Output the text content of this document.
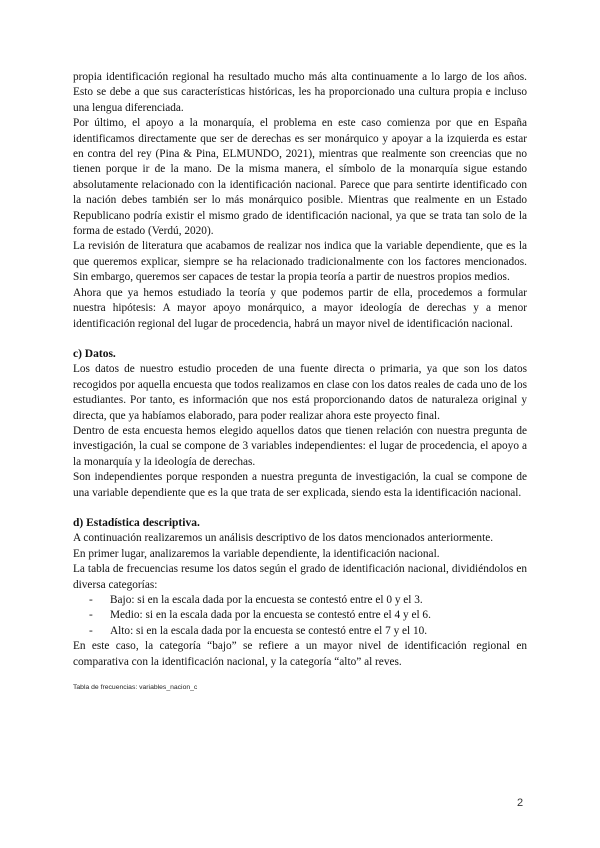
propia identificación regional ha resultado mucho más alta continuamente a lo largo de los años. Esto se debe a que sus características históricas, les ha proporcionado una cultura propia e incluso una lengua diferenciada.

Por último, el apoyo a la monarquía, el problema en este caso comienza por que en España identificamos directamente que ser de derechas es ser monárquico y apoyar a la izquierda es estar en contra del rey (Pina & Pina, ELMUNDO, 2021), mientras que realmente son creencias que no tienen porque ir de la mano. De la misma manera, el símbolo de la monarquía sigue estando absolutamente relacionado con la identificación nacional. Parece que para sentirte identificado con la nación debes también ser lo más monárquico posible. Mientras que realmente en un Estado Republicano podría existir el mismo grado de identificación nacional, ya que se trata tan solo de la forma de estado (Verdú, 2020).

La revisión de literatura que acabamos de realizar nos indica que la variable dependiente, que es la que queremos explicar, siempre se ha relacionado tradicionalmente con los factores mencionados. Sin embargo, queremos ser capaces de testar la propia teoría a partir de nuestros propios medios.

Ahora que ya hemos estudiado la teoría y que podemos partir de ella, procedemos a formular nuestra hipótesis: A mayor apoyo monárquico, a mayor ideología de derechas y a menor identificación regional del lugar de procedencia, habrá un mayor nivel de identificación nacional.

c) Datos.

Los datos de nuestro estudio proceden de una fuente directa o primaria, ya que son los datos recogidos por aquella encuesta que todos realizamos en clase con los datos reales de cada uno de los estudiantes. Por tanto, es información que nos está proporcionando datos de naturaleza original y directa, que ya habíamos elaborado, para poder realizar ahora este proyecto final.

Dentro de esta encuesta hemos elegido aquellos datos que tienen relación con nuestra pregunta de investigación, la cual se compone de 3 variables independientes: el lugar de procedencia, el apoyo a la monarquía y la ideología de derechas.

Son independientes porque responden a nuestra pregunta de investigación, la cual se compone de una variable dependiente que es la que trata de ser explicada, siendo esta la identificación nacional.

d) Estadística descriptiva.

A continuación realizaremos un análisis descriptivo de los datos mencionados anteriormente.

En primer lugar, analizaremos la variable dependiente, la identificación nacional.

La tabla de frecuencias resume los datos según el grado de identificación nacional, dividiéndolos en diversa categorías:

- Bajo: si en la escala dada por la encuesta se contestó entre el 0 y el 3.
- Medio: si en la escala dada por la encuesta se contestó entre el 4 y el 6.
- Alto: si en la escala dada por la encuesta se contestó entre el 7 y el 10.

En este caso, la categoría “bajo” se refiere a un mayor nivel de identificación regional en comparativa con la identificación nacional, y la categoría “alto” al reves.

Tabla de frecuencias: variables_nacion_c
2
